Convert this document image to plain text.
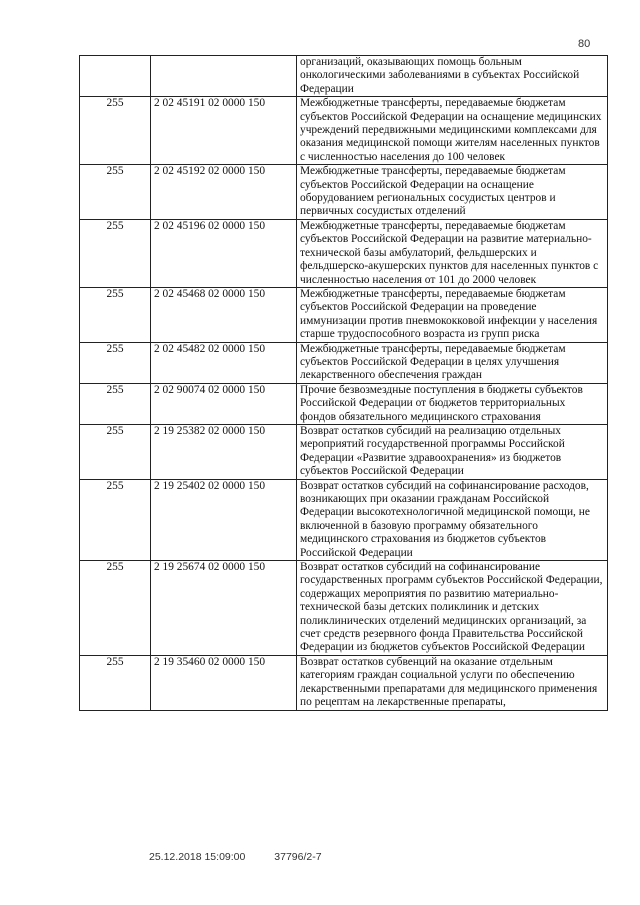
80
		организаций, оказывающих помощь больным онкологическими заболеваниями в субъектах Российской Федерации
255	2 02 45191 02 0000 150	Межбюджетные трансферты, передаваемые бюджетам субъектов Российской Федерации на оснащение медицинских учреждений передвижными медицинскими комплексами для оказания медицинской помощи жителям населенных пунктов с численностью населения до 100 человек
255	2 02 45192 02 0000 150	Межбюджетные трансферты, передаваемые бюджетам субъектов Российской Федерации на оснащение оборудованием региональных сосудистых центров и первичных сосудистых отделений
255	2 02 45196 02 0000 150	Межбюджетные трансферты, передаваемые бюджетам субъектов Российской Федерации на развитие материально-технической базы амбулаторий, фельдшерских и фельдшерско-акушерских пунктов для населенных пунктов с численностью населения от 101 до 2000 человек
255	2 02 45468 02 0000 150	Межбюджетные трансферты, передаваемые бюджетам субъектов Российской Федерации на проведение иммунизации против пневмококковой инфекции у населения старше трудоспособного возраста из групп риска
255	2 02 45482 02 0000 150	Межбюджетные трансферты, передаваемые бюджетам субъектов Российской Федерации в целях улучшения лекарственного обеспечения граждан
255	2 02 90074 02 0000 150	Прочие безвозмездные поступления в бюджеты субъектов Российской Федерации от бюджетов территориальных фондов обязательного медицинского страхования
255	2 19 25382 02 0000 150	Возврат остатков субсидий на реализацию отдельных мероприятий государственной программы Российской Федерации «Развитие здравоохранения» из бюджетов субъектов Российской Федерации
255	2 19 25402 02 0000 150	Возврат остатков субсидий на софинансирование расходов, возникающих при оказании гражданам Российской Федерации высокотехнологичной медицинской помощи, не включенной в базовую программу обязательного медицинского страхования из бюджетов субъектов Российской Федерации
255	2 19 25674 02 0000 150	Возврат остатков субсидий на софинансирование государственных программ субъектов Российской Федерации, содержащих мероприятия по развитию материально-технической базы детских поликлиник и детских поликлинических отделений медицинских организаций, за счет средств резервного фонда Правительства Российской Федерации из бюджетов субъектов Российской Федерации
255	2 19 35460 02 0000 150	Возврат остатков субвенций на оказание отдельным категориям граждан социальной услуги по обеспечению лекарственными препаратами для медицинского применения по рецептам на лекарственные препараты,
25.12.2018 15:09:00	37796/2-7
